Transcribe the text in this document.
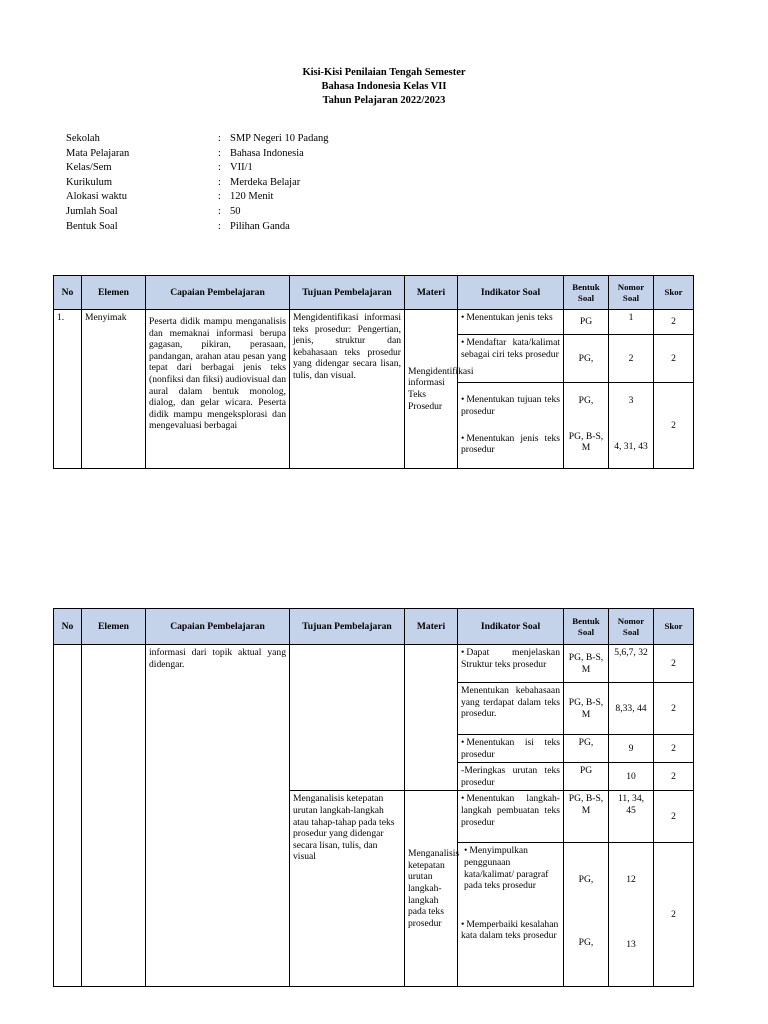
Kisi-Kisi Penilaian Tengah Semester
Bahasa Indonesia Kelas VII
Tahun Pelajaran 2022/2023
Sekolah	: SMP Negeri 10 Padang
Mata Pelajaran	: Bahasa Indonesia
Kelas/Sem	: VII/1
Kurikulum	: Merdeka Belajar
Alokasi waktu	: 120 Menit
Jumlah Soal	: 50
Bentuk Soal	: Pilihan Ganda
No	Elemen	Capaian Pembelajaran	Tujuan Pembelajaran	Materi	Indikator Soal	Bentuk Soal	Nomor Soal	Skor
1.	Menyimak	Peserta didik mampu menganalisis dan memaknai informasi berupa gagasan, pikiran, perasaan, pandangan, arahan atau pesan yang tepat dari berbagai jenis teks (nonfiksi dan fiksi) audiovisual dan aural dalam bentuk monolog, dialog, dan gelar wicara. Peserta didik mampu mengeksplorasi dan mengevaluasi berbagai	Mengidentifikasi informasi teks prosedur: Pengertian, jenis, struktur dan kebahasaan teks prosedur yang didengar secara lisan, tulis, dan visual.	Mengidentifikasi informasi Teks Prosedur	• Menentukan jenis teks	PG	1	2
					• Mendaftar kata/kalimat sebagai ciri teks prosedur	PG,	2	2
					• Menentukan tujuan teks prosedur	PG,	3	2
					• Menentukan jenis teks prosedur	PG, B-S, M	4, 31, 43	
No	Elemen	Capaian Pembelajaran	Tujuan Pembelajaran	Materi	Indikator Soal	Bentuk Soal	Nomor Soal	Skor
		informasi dari topik aktual yang didengar.			• Dapat menjelaskan Struktur teks prosedur	PG, B-S, M	5,6,7, 32	2
					Menentukan kebahasaan yang terdapat dalam teks prosedur.	PG, B-S, M	8,33, 44	2
					• Menentukan isi teks prosedur	PG,	9	2
					-Meringkas urutan teks prosedur	PG	10	2
			Menganalisis ketepatan urutan langkah-langkah atau tahap-tahap pada teks prosedur yang didengar secara lisan, tulis, dan visual	Menganalisis ketepatan urutan langkah-langkah pada teks prosedur	• Menentukan langkah-langkah pembuatan teks prosedur	PG, B-S, M	11, 34, 45	2
					• Menyimpulkan penggunaan kata/kalimat/ paragraf pada teks prosedur	PG,	12	2
					• Memperbaiki kesalahan kata dalam teks prosedur	PG,	13	
